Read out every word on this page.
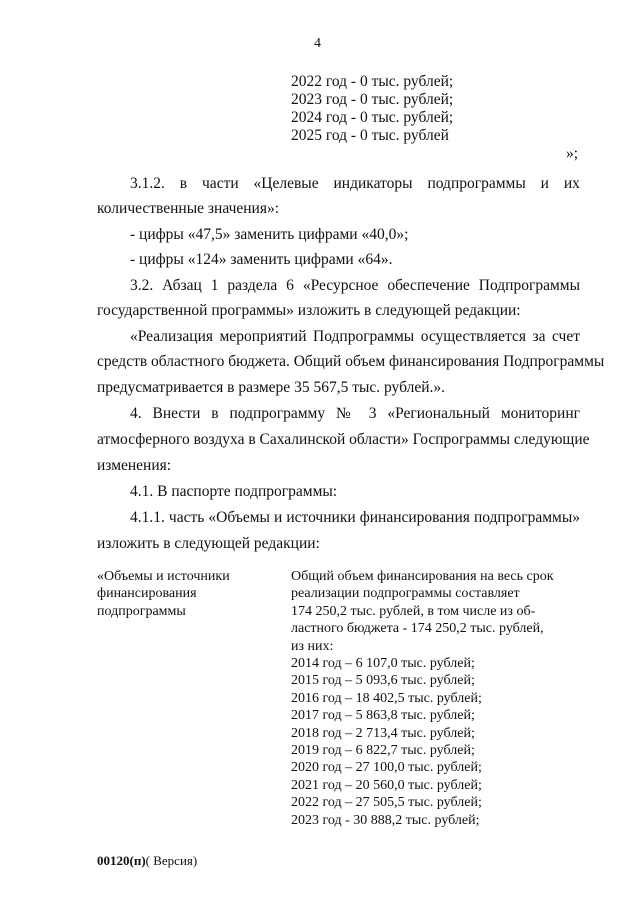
4
2022 год - 0 тыс. рублей;
2023 год - 0 тыс. рублей;
2024 год - 0 тыс. рублей;
2025 год - 0 тыс. рублей
»;
3.1.2. в части «Целевые индикаторы подпрограммы и их
количественные значения»:
- цифры «47,5» заменить цифрами «40,0»;
- цифры «124» заменить цифрами «64».
3.2. Абзац 1 раздела 6 «Ресурсное обеспечение Подпрограммы
государственной программы» изложить в следующей редакции:
«Реализация мероприятий Подпрограммы осуществляется за счет
средств областного бюджета. Общий объем финансирования Подпрограммы
предусматривается в размере 35 567,5 тыс. рублей.».
4. Внести в подпрограмму № 3 «Региональный мониторинг
атмосферного воздуха в Сахалинской области» Госпрограммы следующие
изменения:
4.1. В паспорте подпрограммы:
4.1.1. часть «Объемы и источники финансирования подпрограммы»
изложить в следующей редакции:
«Объемы и источники
финансирования
подпрограммы
Общий объем финансирования на весь срок
реализации подпрограммы составляет
174 250,2 тыс. рублей, в том числе из об-
ластного бюджета - 174 250,2 тыс. рублей,
из них:
2014 год – 6 107,0 тыс. рублей;
2015 год – 5 093,6 тыс. рублей;
2016 год – 18 402,5 тыс. рублей;
2017 год – 5 863,8 тыс. рублей;
2018 год – 2 713,4 тыс. рублей;
2019 год – 6 822,7 тыс. рублей;
2020 год – 27 100,0 тыс. рублей;
2021 год – 20 560,0 тыс. рублей;
2022 год – 27 505,5 тыс. рублей;
2023 год - 30 888,2 тыс. рублей;
00120(п)( Версия)
